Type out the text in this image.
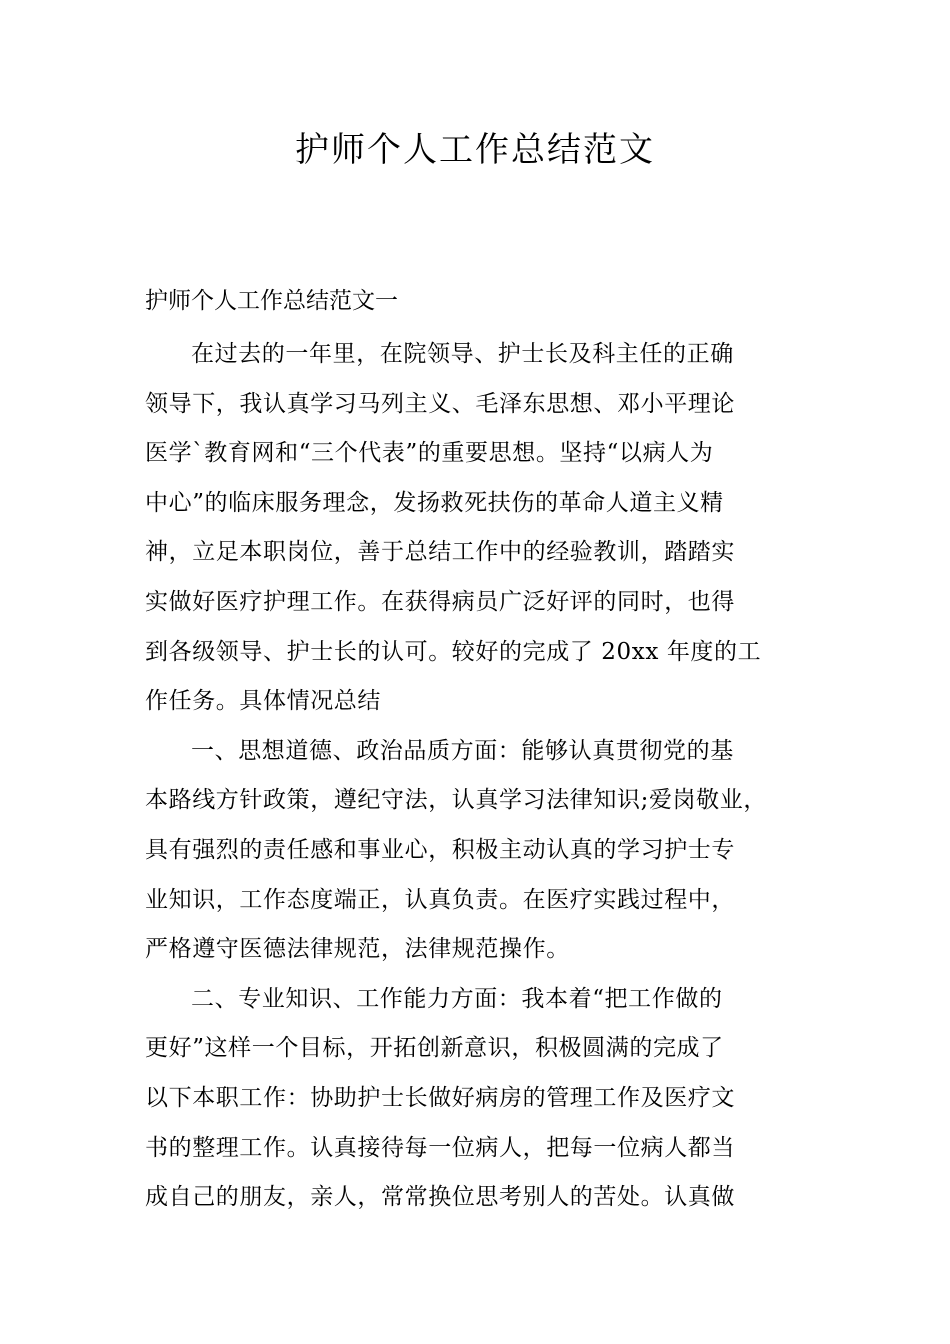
护师个人工作总结范文
护师个人工作总结范文一

在过去的一年里，在院领导、护士长及科主任的正确
领导下，我认真学习马列主义、毛泽东思想、邓小平理论
医学`教育网和“三个代表”的重要思想。坚持“以病人为
中心”的临床服务理念，发扬救死扶伤的革命人道主义精
神，立足本职岗位，善于总结工作中的经验教训，踏踏实
实做好医疗护理工作。在获得病员广泛好评的同时，也得
到各级领导、护士长的认可。较好的完成了 20xx 年度的工
作任务。具体情况总结

一、思想道德、政治品质方面：能够认真贯彻党的基
本路线方针政策，遵纪守法，认真学习法律知识;爱岗敬业，
具有强烈的责任感和事业心，积极主动认真的学习护士专
业知识，工作态度端正，认真负责。在医疗实践过程中，
严格遵守医德法律规范，法律规范操作。

二、专业知识、工作能力方面：我本着“把工作做的
更好”这样一个目标，开拓创新意识，积极圆满的完成了
以下本职工作：协助护士长做好病房的管理工作及医疗文
书的整理工作。认真接待每一位病人，把每一位病人都当
成自己的朋友，亲人，常常换位思考别人的苦处。认真做
